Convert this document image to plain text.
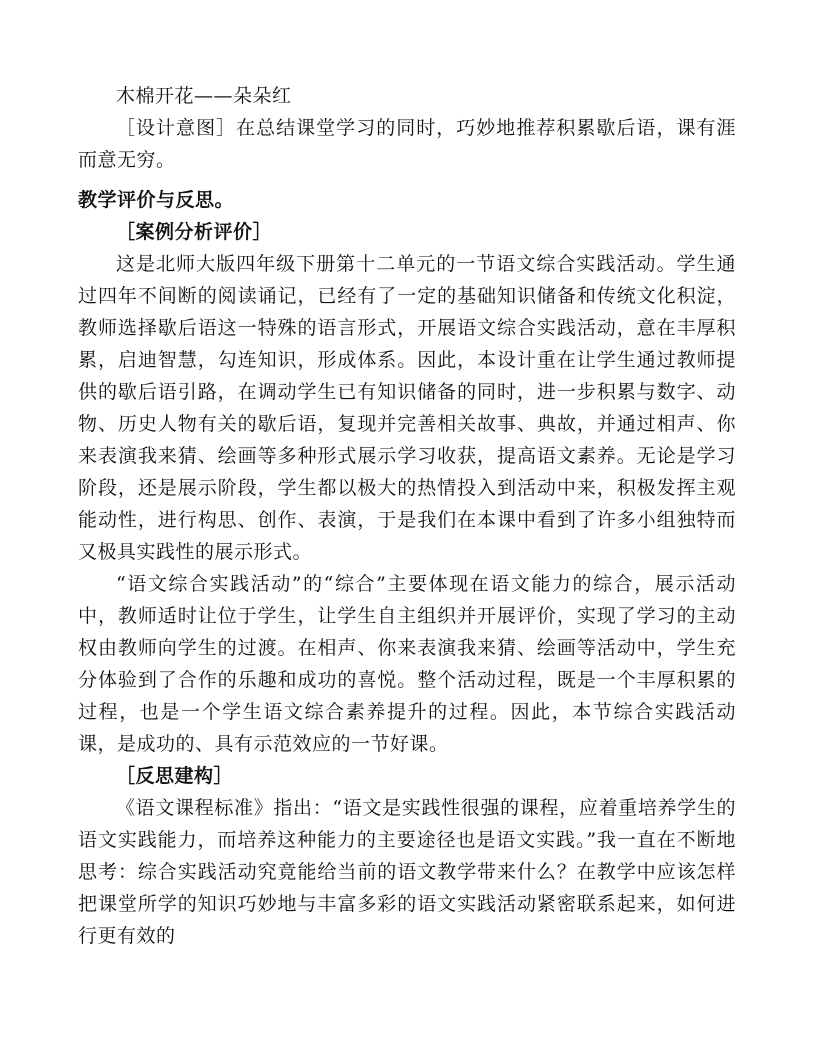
木棉开花——朵朵红

［设计意图］在总结课堂学习的同时，巧妙地推荐积累歇后语，课有涯而意无穷。

教学评价与反思。

［案例分析评价］

这是北师大版四年级下册第十二单元的一节语文综合实践活动。学生通过四年不间断的阅读诵记，已经有了一定的基础知识储备和传统文化积淀，教师选择歇后语这一特殊的语言形式，开展语文综合实践活动，意在丰厚积累，启迪智慧，勾连知识，形成体系。因此，本设计重在让学生通过教师提供的歇后语引路，在调动学生已有知识储备的同时，进一步积累与数字、动物、历史人物有关的歇后语，复现并完善相关故事、典故，并通过相声、你来表演我来猜、绘画等多种形式展示学习收获，提高语文素养。无论是学习阶段，还是展示阶段，学生都以极大的热情投入到活动中来，积极发挥主观能动性，进行构思、创作、表演，于是我们在本课中看到了许多小组独特而又极具实践性的展示形式。

“语文综合实践活动”的“综合”主要体现在语文能力的综合，展示活动中，教师适时让位于学生，让学生自主组织并开展评价，实现了学习的主动权由教师向学生的过渡。在相声、你来表演我来猜、绘画等活动中，学生充分体验到了合作的乐趣和成功的喜悦。整个活动过程，既是一个丰厚积累的过程，也是一个学生语文综合素养提升的过程。因此，本节综合实践活动课，是成功的、具有示范效应的一节好课。

［反思建构］

《语文课程标准》指出：“语文是实践性很强的课程，应着重培养学生的语文实践能力，而培养这种能力的主要途径也是语文实践。”我一直在不断地思考：综合实践活动究竟能给当前的语文教学带来什么？在教学中应该怎样把课堂所学的知识巧妙地与丰富多彩的语文实践活动紧密联系起来，如何进行更有效的
